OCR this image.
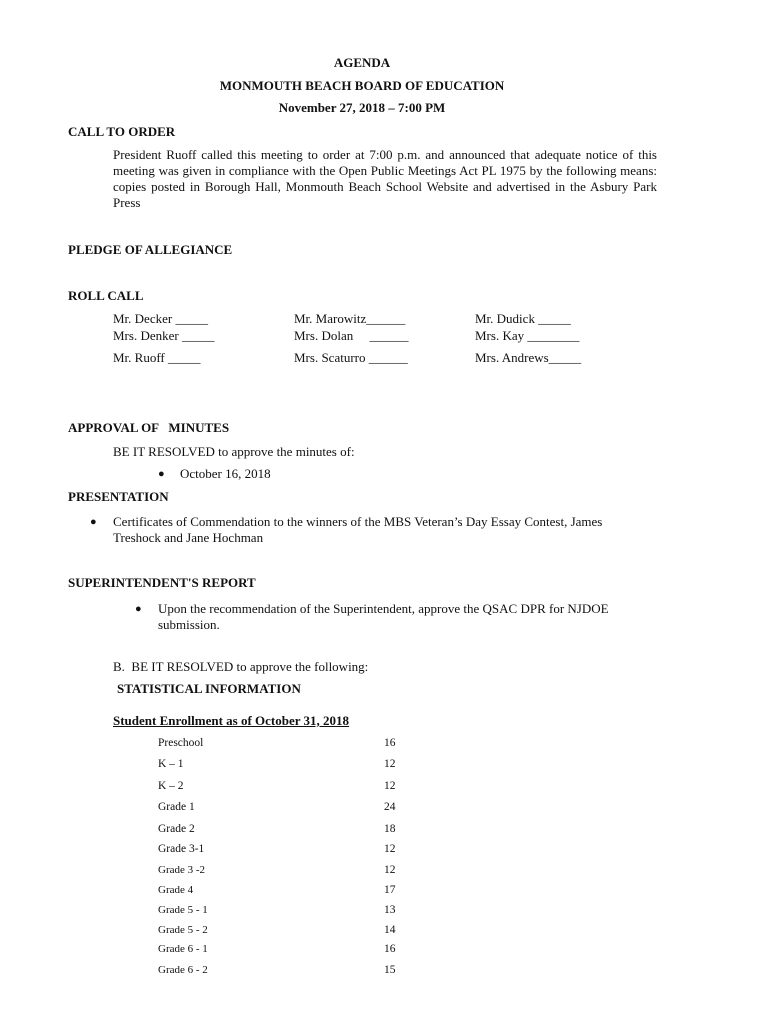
AGENDA
MONMOUTH BEACH BOARD OF EDUCATION
November 27, 2018 – 7:00 PM
CALL TO ORDER
President Ruoff called this meeting to order at 7:00 p.m. and announced that adequate notice of this meeting was given in compliance with the Open Public Meetings Act PL 1975 by the following means: copies posted in Borough Hall, Monmouth Beach School Website and advertised in the Asbury Park Press
PLEDGE OF ALLEGIANCE
ROLL CALL
Mr. Decker _____	Mr. Marowitz______	Mr. Dudick _____
Mrs. Denker _____	Mrs. Dolan     ______	Mrs. Kay ________
Mr. Ruoff _____	Mrs. Scaturro ______	Mrs. Andrews_____
APPROVAL OF   MINUTES
BE IT RESOLVED to approve the minutes of:
●	October 16, 2018
PRESENTATION
●	Certificates of Commendation to the winners of the MBS Veteran’s Day Essay Contest, James Treshock and Jane Hochman
SUPERINTENDENT'S REPORT
●	Upon the recommendation of the Superintendent, approve the QSAC DPR for NJDOE submission.
B.  BE IT RESOLVED to approve the following:
STATISTICAL INFORMATION
Student Enrollment as of October 31, 2018
Preschool	16
K – 1	12
K – 2	12
Grade 1	24
Grade 2	18
Grade 3-1	12
Grade 3 -2	12
Grade 4	17
Grade 5 - 1	13
Grade 5 - 2	14
Grade 6 - 1	16
Grade 6 - 2	15
